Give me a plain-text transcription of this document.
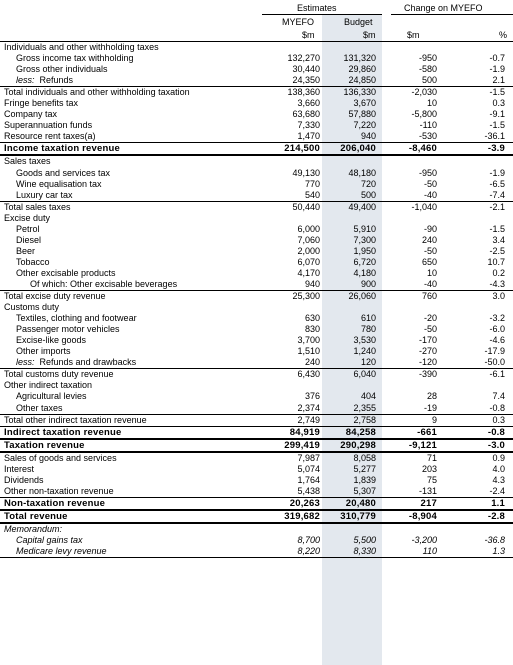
Estimates	Change on MYEFO
MYEFO	Budget
$m	$m	$m	%
Individuals and other withholding taxes				
Gross income tax withholding	132,270	131,320	-950	-0.7
Gross other individuals	30,440	29,860	-580	-1.9
less: Refunds	24,350	24,850	500	2.1
Total individuals and other withholding taxation	138,360	136,330	-2,030	-1.5
Fringe benefits tax	3,660	3,670	10	0.3
Company tax	63,680	57,880	-5,800	-9.1
Superannuation funds	7,330	7,220	-110	-1.5
Resource rent taxes(a)	1,470	940	-530	-36.1
Income taxation revenue	214,500	206,040	-8,460	-3.9
Sales taxes				
Goods and services tax	49,130	48,180	-950	-1.9
Wine equalisation tax	770	720	-50	-6.5
Luxury car tax	540	500	-40	-7.4
Total sales taxes	50,440	49,400	-1,040	-2.1
Excise duty				
Petrol	6,000	5,910	-90	-1.5
Diesel	7,060	7,300	240	3.4
Beer	2,000	1,950	-50	-2.5
Tobacco	6,070	6,720	650	10.7
Other excisable products	4,170	4,180	10	0.2
Of which: Other excisable beverages	940	900	-40	-4.3
Total excise duty revenue	25,300	26,060	760	3.0
Customs duty				
Textiles, clothing and footwear	630	610	-20	-3.2
Passenger motor vehicles	830	780	-50	-6.0
Excise-like goods	3,700	3,530	-170	-4.6
Other imports	1,510	1,240	-270	-17.9
less: Refunds and drawbacks	240	120	-120	-50.0
Total customs duty revenue	6,430	6,040	-390	-6.1
Other indirect taxation				
Agricultural levies	376	404	28	7.4
Other taxes	2,374	2,355	-19	-0.8
Total other indirect taxation revenue	2,749	2,758	9	0.3
Indirect taxation revenue	84,919	84,258	-661	-0.8
Taxation revenue	299,419	290,298	-9,121	-3.0
Sales of goods and services	7,987	8,058	71	0.9
Interest	5,074	5,277	203	4.0
Dividends	1,764	1,839	75	4.3
Other non-taxation revenue	5,438	5,307	-131	-2.4
Non-taxation revenue	20,263	20,480	217	1.1
Total revenue	319,682	310,779	-8,904	-2.8
Memorandum:				
Capital gains tax	8,700	5,500	-3,200	-36.8
Medicare levy revenue	8,220	8,330	110	1.3
